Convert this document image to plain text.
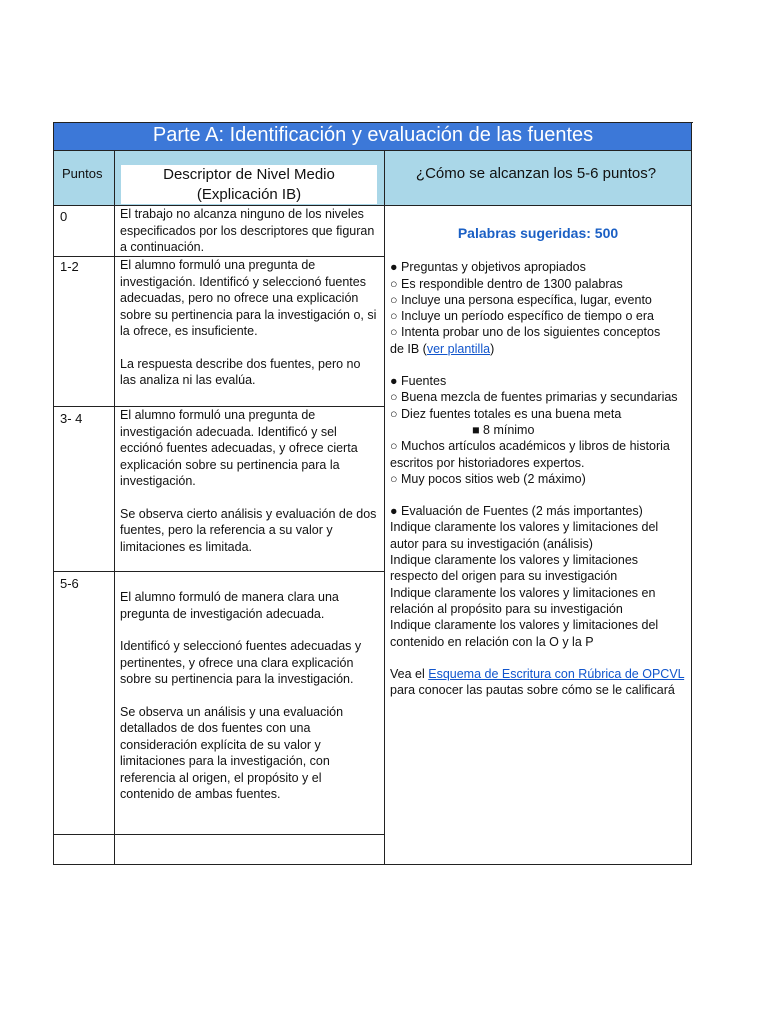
Parte A: Identificación y evaluación de las fuentes
Puntos	Descriptor de Nivel Medio
(Explicación IB)
¿Cómo se alcanzan los 5-6 puntos?
0
1-2
3- 4
5-6

El trabajo no alcanza ninguno de los niveles especificados por los descriptores que figuran a continuación.

El alumno formuló una pregunta de investigación. Identificó y seleccionó fuentes adecuadas, pero no ofrece una explicación sobre su pertinencia para la investigación o, si la ofrece, es insuficiente.

La respuesta describe dos fuentes, pero no las analiza ni las evalúa.

El alumno formuló una pregunta de investigación adecuada. Identificó y sel ecciónó fuentes adecuadas, y ofrece cierta explicación sobre su pertinencia para la investigación.

Se observa cierto análisis y evaluación de dos fuentes, pero la referencia a su valor y limitaciones es limitada.

El alumno formuló de manera clara una pregunta de investigación adecuada.

Identificó y seleccionó fuentes adecuadas y pertinentes, y ofrece una clara explicación sobre su pertinencia para la investigación.

Se observa un análisis y una evaluación detallados de dos fuentes con una consideración explícita de su valor y limitaciones para la investigación, con referencia al origen, el propósito y el contenido de ambas fuentes.

Palabras sugeridas: 500

● Preguntas y objetivos apropiados

○ Es respondible dentro de 1300 palabras

○ Incluye una persona específica, lugar, evento

○ Incluye un período específico de tiempo o era

○ Intenta probar uno de los siguientes conceptos

de IB (ver plantilla)

● Fuentes

○ Buena mezcla de fuentes primarias y secundarias

○ Diez fuentes totales es una buena meta

■ 8 mínimo

○ Muchos artículos académicos y libros de historia escritos por historiadores expertos.

○ Muy pocos sitios web (2 máximo)

● Evaluación de Fuentes (2 más importantes)

Indique claramente los valores y limitaciones del autor para su investigación (análisis)

Indique claramente los valores y limitaciones respecto del origen para su investigación

Indique claramente los valores y limitaciones en relación al propósito para su investigación

Indique claramente los valores y limitaciones del contenido en relación con la O y la P

Vea el Esquema de Escritura con Rúbrica de OPCVL para conocer las pautas sobre cómo se le calificará
